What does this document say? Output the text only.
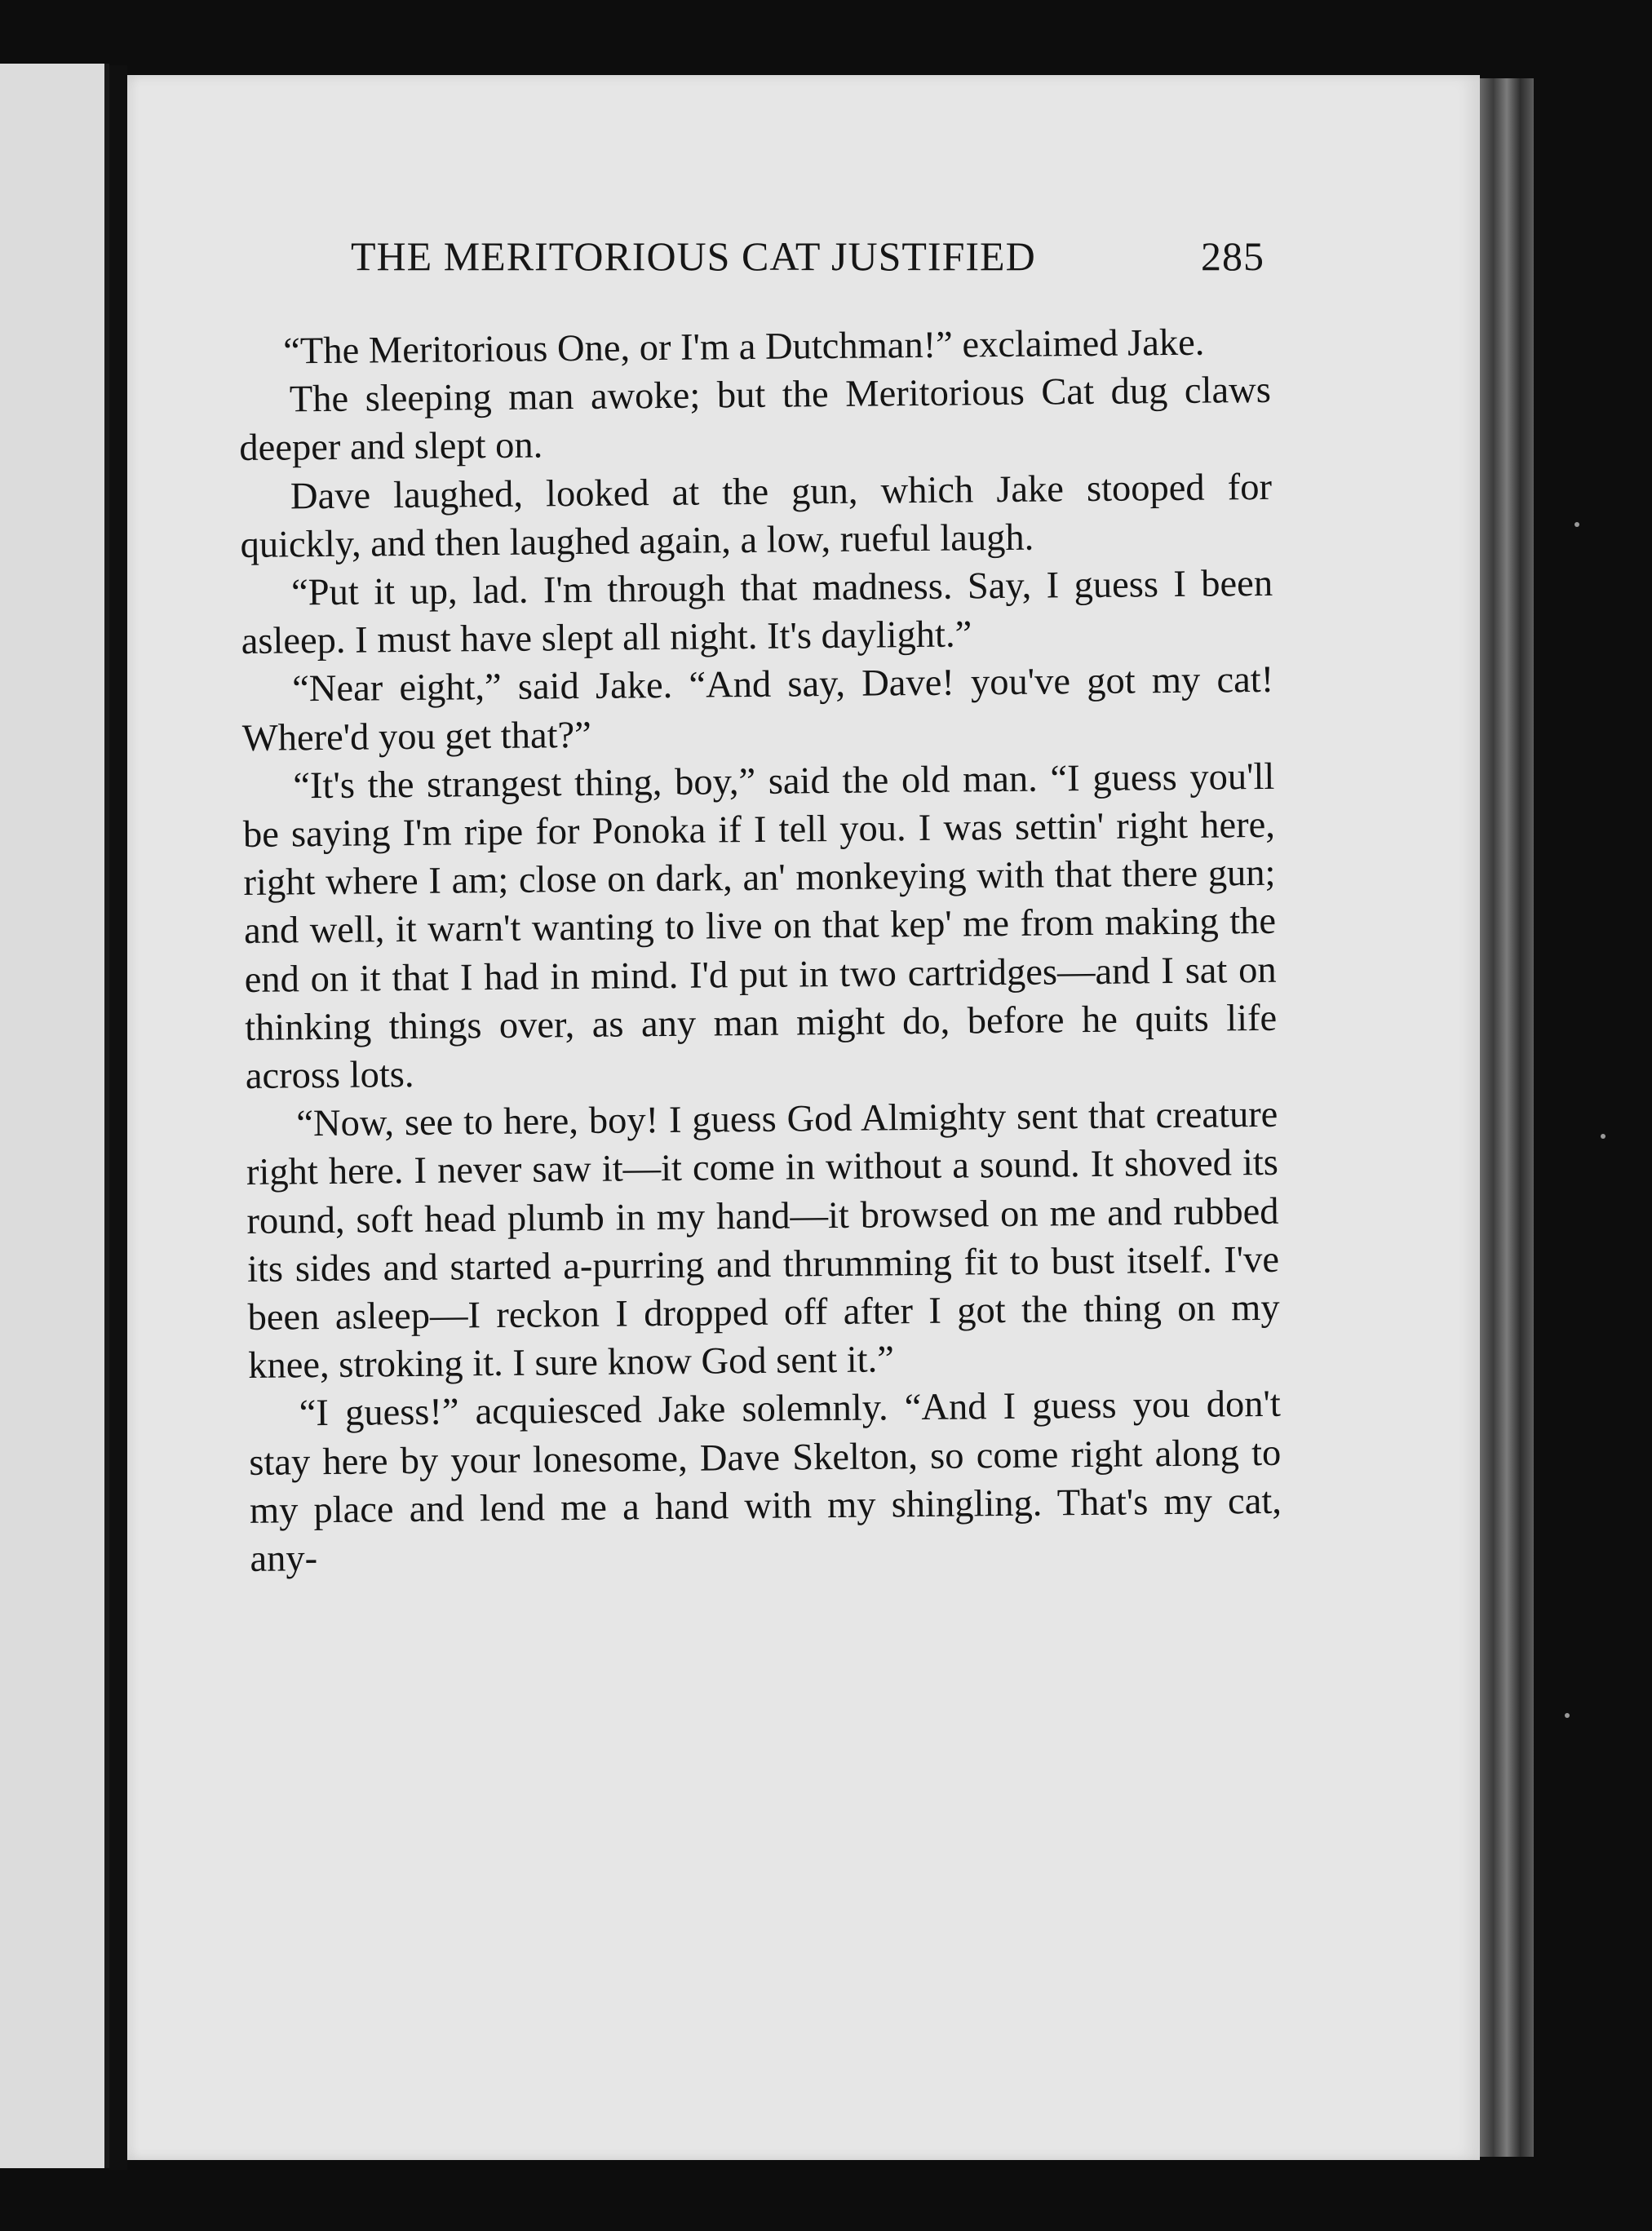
THE MERITORIOUS CAT JUSTIFIED	285

“The Meritorious One, or I'm a Dutchman!” exclaimed Jake.

The sleeping man awoke; but the Meritorious Cat dug claws deeper and slept on.

Dave laughed, looked at the gun, which Jake stooped for quickly, and then laughed again, a low, rueful laugh.

“Put it up, lad. I'm through that madness. Say, I guess I been asleep. I must have slept all night. It's daylight.”

“Near eight,” said Jake. “And say, Dave! you've got my cat! Where'd you get that?”

“It's the strangest thing, boy,” said the old man. “I guess you'll be saying I'm ripe for Ponoka if I tell you. I was settin' right here, right where I am; close on dark, an' monkeying with that there gun; and well, it warn't wanting to live on that kep' me from making the end on it that I had in mind. I'd put in two cartridges—and I sat on thinking things over, as any man might do, before he quits life across lots.

“Now, see to here, boy! I guess God Almighty sent that creature right here. I never saw it—it come in without a sound. It shoved its round, soft head plumb in my hand—it browsed on me and rubbed its sides and started a-purring and thrumming fit to bust itself. I've been asleep—I reckon I dropped off after I got the thing on my knee, stroking it. I sure know God sent it.”

“I guess!” acquiesced Jake solemnly. “And I guess you don't stay here by your lonesome, Dave Skelton, so come right along to my place and lend me a hand with my shingling. That's my cat, any-
